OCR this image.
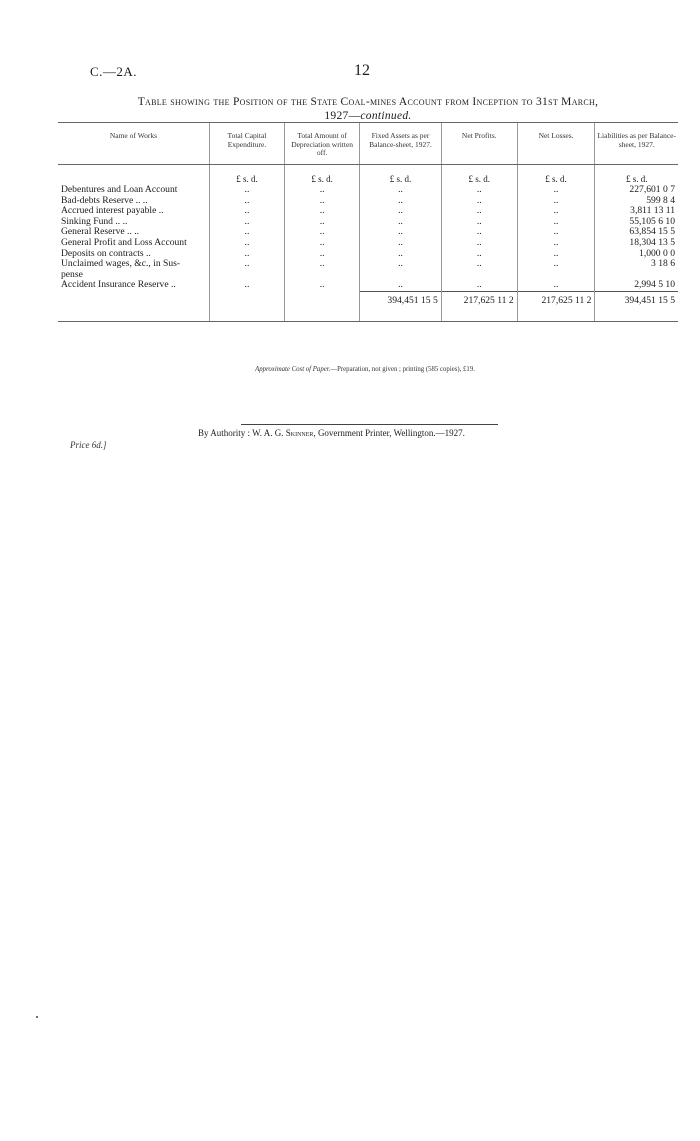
C.—2A.	12
Table showing the Position of the State Coal-mines Account from Inception to 31st March,
1927—continued.
Name of Works	Total Capital Expenditure.	Total Amount of Depreciation written off.	Fixed Assets as per Balance-sheet, 1927.	Net Profits.	Net Losses.	Liabilities as per Balance-sheet, 1927.
	£ s. d.	£ s. d.	£ s. d.	£ s. d.	£ s. d.	£ s. d.
Debentures and Loan Account	..	..	..	..	..	227,601 0 7
Bad-debts Reserve .. ..	..	..	..	..	..	599 8 4
Accrued interest payable ..	..	..	..	..	..	3,811 13 11
Sinking Fund .. ..	..	..	..	..	..	55,105 6 10
General Reserve .. ..	..	..	..	..	..	63,854 15 5
General Profit and Loss Account	..	..	..	..	..	18,304 13 5
Deposits on contracts ..	..	..	..	..	..	1,000 0 0
Unclaimed wages, &c., in Sus-	..	..	..	..	..	3 18 6
pense						
Accident Insurance Reserve ..	..	..	..	..	..	2,994 5 10
			394,451 15 5	217,625 11 2	217,625 11 2	394,451 15 5
Approximate Cost of Paper.—Preparation, not given ; printing (585 copies), £19.
By Authority : W. A. G. Skinner, Government Printer, Wellington.—1927.
Price 6d.]
